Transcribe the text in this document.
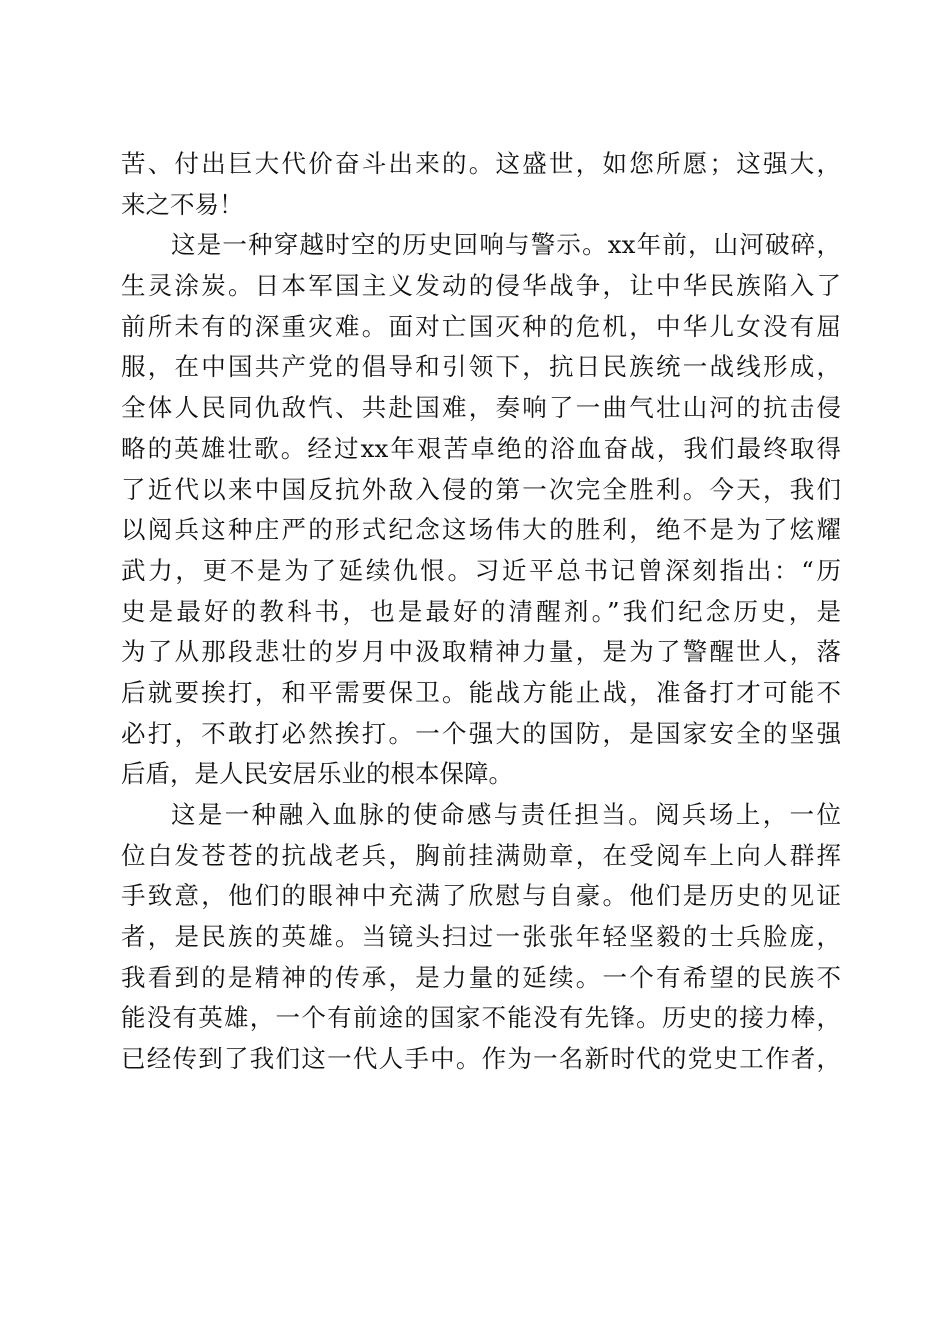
苦、付出巨大代价奋斗出来的。这盛世，如您所愿；这强大，
来之不易！
这是一种穿越时空的历史回响与警示。xx年前，山河破碎，
生灵涂炭。日本军国主义发动的侵华战争，让中华民族陷入了
前所未有的深重灾难。面对亡国灭种的危机，中华儿女没有屈
服，在中国共产党的倡导和引领下，抗日民族统一战线形成，
全体人民同仇敌忾、共赴国难，奏响了一曲气壮山河的抗击侵
略的英雄壮歌。经过xx年艰苦卓绝的浴血奋战，我们最终取得
了近代以来中国反抗外敌入侵的第一次完全胜利。今天，我们
以阅兵这种庄严的形式纪念这场伟大的胜利，绝不是为了炫耀
武力，更不是为了延续仇恨。习近平总书记曾深刻指出：“历
史是最好的教科书，也是最好的清醒剂。”我们纪念历史，是
为了从那段悲壮的岁月中汲取精神力量，是为了警醒世人，落
后就要挨打，和平需要保卫。能战方能止战，准备打才可能不
必打，不敢打必然挨打。一个强大的国防，是国家安全的坚强
后盾，是人民安居乐业的根本保障。
这是一种融入血脉的使命感与责任担当。阅兵场上，一位
位白发苍苍的抗战老兵，胸前挂满勋章，在受阅车上向人群挥
手致意，他们的眼神中充满了欣慰与自豪。他们是历史的见证
者，是民族的英雄。当镜头扫过一张张年轻坚毅的士兵脸庞，
我看到的是精神的传承，是力量的延续。一个有希望的民族不
能没有英雄，一个有前途的国家不能没有先锋。历史的接力棒，
已经传到了我们这一代人手中。作为一名新时代的党史工作者，
